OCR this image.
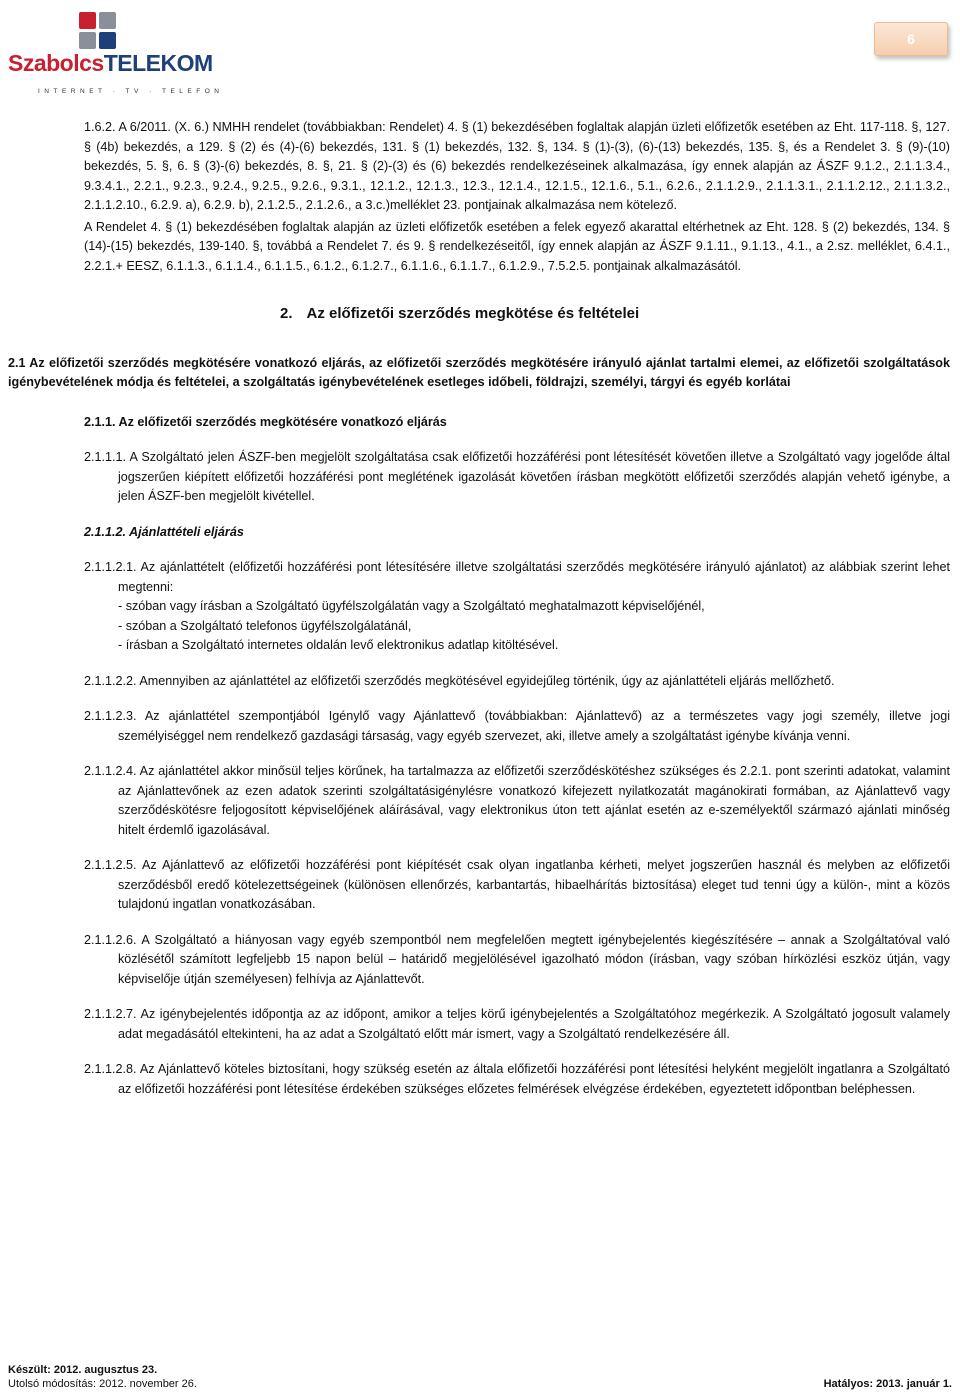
SzabolcsTELEKOM
INTERNET · TV · TELEFON
6

1.6.2. A 6/2011. (X. 6.) NMHH rendelet (továbbiakban: Rendelet) 4. § (1) bekezdésében foglaltak alapján üzleti előfizetők esetében az Eht. 117-118. §, 127. § (4b) bekezdés, a 129. § (2) és (4)-(6) bekezdés, 131. § (1) bekezdés, 132. §, 134. § (1)-(3), (6)-(13) bekezdés, 135. §, és a Rendelet 3. § (9)-(10) bekezdés, 5. §, 6. § (3)-(6) bekezdés, 8. §, 21. § (2)-(3) és (6) bekezdés rendelkezéseinek alkalmazása, így ennek alapján az ÁSZF 9.1.2., 2.1.1.3.4., 9.3.4.1., 2.2.1., 9.2.3., 9.2.4., 9.2.5., 9.2.6., 9.3.1., 12.1.2., 12.1.3., 12.3., 12.1.4., 12.1.5., 12.1.6., 5.1., 6.2.6., 2.1.1.2.9., 2.1.1.3.1., 2.1.1.2.12., 2.1.1.3.2., 2.1.1.2.10., 6.2.9. a), 6.2.9. b), 2.1.2.5., 2.1.2.6., a 3.c.)melléklet 23. pontjainak alkalmazása nem kötelező.

A Rendelet 4. § (1) bekezdésében foglaltak alapján az üzleti előfizetők esetében a felek egyező akarattal eltérhetnek az Eht. 128. § (2) bekezdés, 134. § (14)-(15) bekezdés, 139-140. §, továbbá a Rendelet 7. és 9. § rendelkezéseitől, így ennek alapján az ÁSZF 9.1.11., 9.1.13., 4.1., a 2.sz. melléklet, 6.4.1., 2.2.1.+ EESZ, 6.1.1.3., 6.1.1.4., 6.1.1.5., 6.1.2., 6.1.2.7., 6.1.1.6., 6.1.1.7., 6.1.2.9., 7.5.2.5. pontjainak alkalmazásától.

2. Az előfizetői szerződés megkötése és feltételei
2.1 Az előfizetői szerződés megkötésére vonatkozó eljárás, az előfizetői szerződés megkötésére irányuló ajánlat tartalmi elemei, az előfizetői szolgáltatások igénybevételének módja és feltételei, a szolgáltatás igénybevételének esetleges időbeli, földrajzi, személyi, tárgyi és egyéb korlátai
2.1.1. Az előfizetői szerződés megkötésére vonatkozó eljárás
2.1.1.1. A Szolgáltató jelen ÁSZF-ben megjelölt szolgáltatása csak előfizetői hozzáférési pont létesítését követően illetve a Szolgáltató vagy jogelőde által jogszerűen kiépített előfizetői hozzáférési pont meglétének igazolását követően írásban megkötött előfizetői szerződés alapján vehető igénybe, a jelen ÁSZF-ben megjelölt kivétellel.
2.1.1.2. Ajánlattételi eljárás
2.1.1.2.1. Az ajánlattételt (előfizetői hozzáférési pont létesítésére illetve szolgáltatási szerződés megkötésére irányuló ajánlatot) az alábbiak szerint lehet megtenni:
- szóban vagy írásban a Szolgáltató ügyfélszolgálatán vagy a Szolgáltató meghatalmazott képviselőjénél,
- szóban a Szolgáltató telefonos ügyfélszolgálatánál,
- írásban a Szolgáltató internetes oldalán levő elektronikus adatlap kitöltésével.
2.1.1.2.2. Amennyiben az ajánlattétel az előfizetői szerződés megkötésével egyidejűleg történik, úgy az ajánlattételi eljárás mellőzhető.
2.1.1.2.3. Az ajánlattétel szempontjából Igénylő vagy Ajánlattevő (továbbiakban: Ajánlattevő) az a természetes vagy jogi személy, illetve jogi személyiséggel nem rendelkező gazdasági társaság, vagy egyéb szervezet, aki, illetve amely a szolgáltatást igénybe kívánja venni.
2.1.1.2.4. Az ajánlattétel akkor minősül teljes körűnek, ha tartalmazza az előfizetői szerződéskötéshez szükséges és 2.2.1. pont szerinti adatokat, valamint az Ajánlattevőnek az ezen adatok szerinti szolgáltatásigénylésre vonatkozó kifejezett nyilatkozatát magánokirati formában, az Ajánlattevő vagy szerződéskötésre feljogosított képviselőjének aláírásával, vagy elektronikus úton tett ajánlat esetén az e-személyektől származó ajánlati minőség hitelt érdemlő igazolásával.
2.1.1.2.5. Az Ajánlattevő az előfizetői hozzáférési pont kiépítését csak olyan ingatlanba kérheti, melyet jogszerűen használ és melyben az előfizetői szerződésből eredő kötelezettségeinek (különösen ellenőrzés, karbantartás, hibaelhárítás biztosítása) eleget tud tenni úgy a külön-, mint a közös tulajdonú ingatlan vonatkozásában.
2.1.1.2.6. A Szolgáltató a hiányosan vagy egyéb szempontból nem megfelelően megtett igénybejelentés kiegészítésére – annak a Szolgáltatóval való közlésétől számított legfeljebb 15 napon belül – határidő megjelölésével igazolható módon (írásban, vagy szóban hírközlési eszköz útján, vagy képviselője útján személyesen) felhívja az Ajánlattevőt.
2.1.1.2.7. Az igénybejelentés időpontja az az időpont, amikor a teljes körű igénybejelentés a Szolgáltatóhoz megérkezik. A Szolgáltató jogosult valamely adat megadásától eltekinteni, ha az adat a Szolgáltató előtt már ismert, vagy a Szolgáltató rendelkezésére áll.
2.1.1.2.8. Az Ajánlattevő köteles biztosítani, hogy szükség esetén az általa előfizetői hozzáférési pont létesítési helyként megjelölt ingatlanra a Szolgáltató az előfizetői hozzáférési pont létesítése érdekében szükséges előzetes felmérések elvégzése érdekében, egyeztetett időpontban beléphessen.
Készült: 2012. augusztus 23.
Utolsó módosítás: 2012. november 26.	Hatályos: 2013. január 1.
